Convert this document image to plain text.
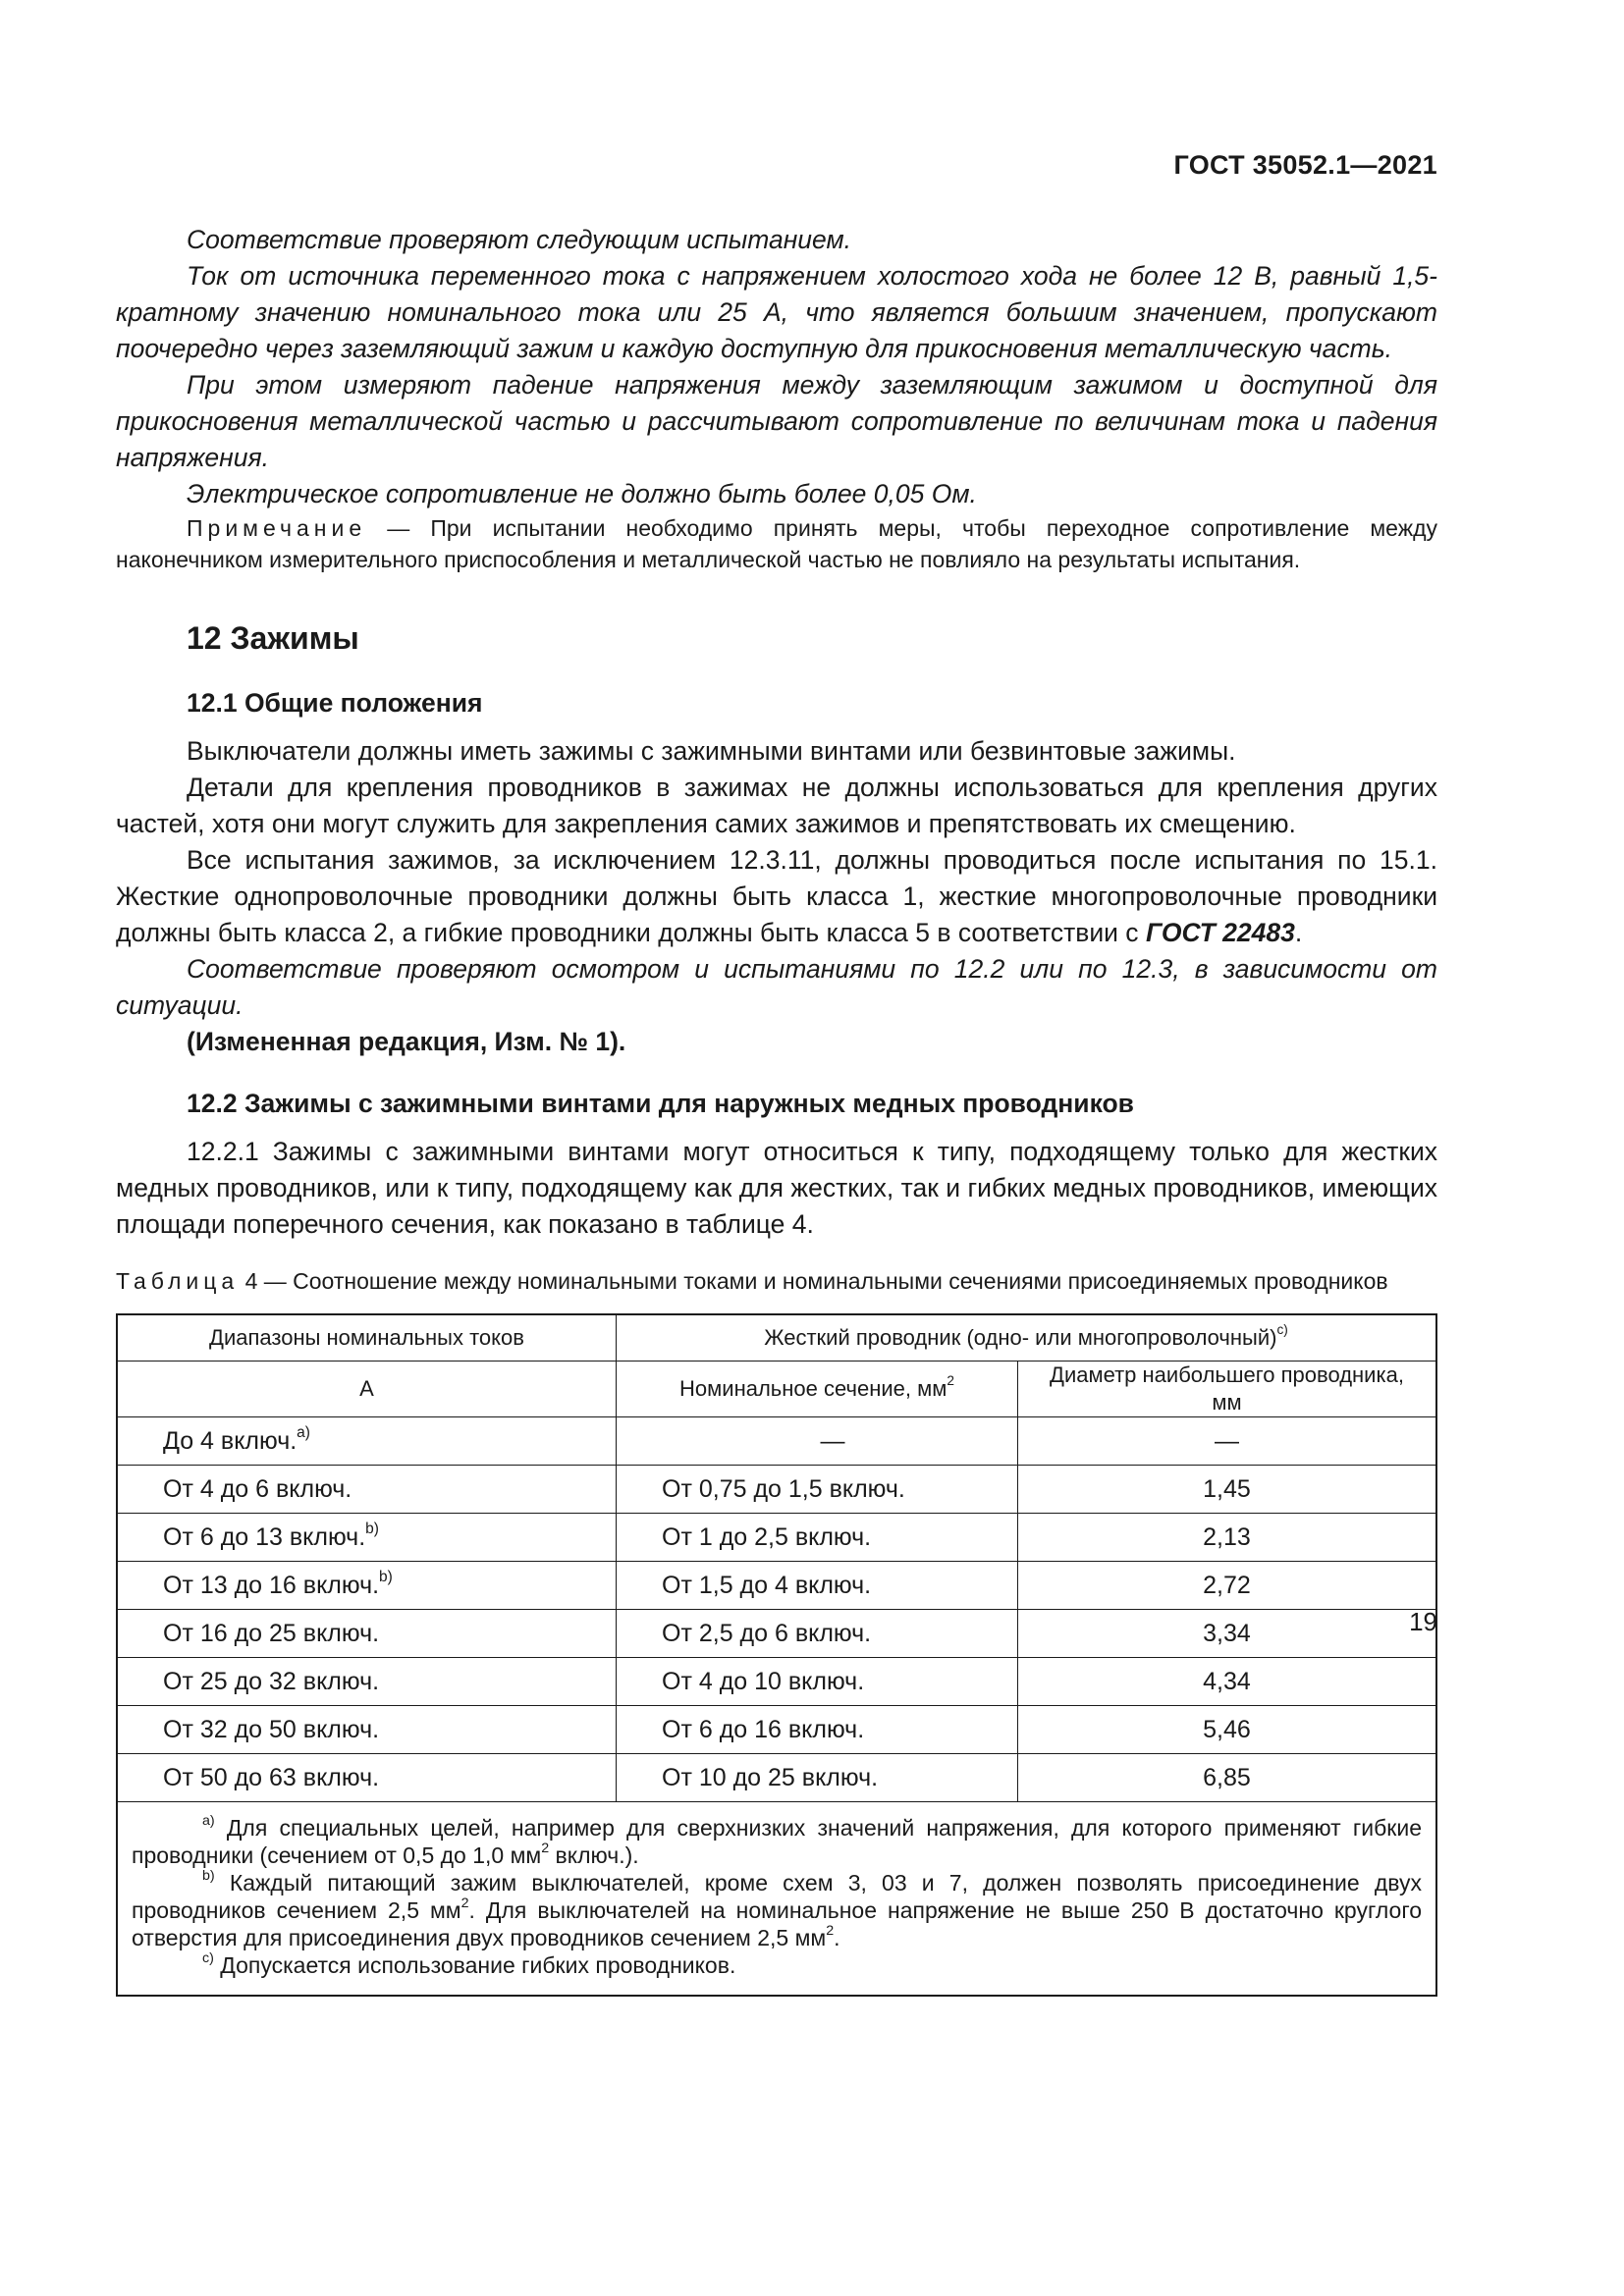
ГОСТ 35052.1—2021

Соответствие проверяют следующим испытанием.

Ток от источника переменного тока с напряжением холостого хода не более 12 В, равный 1,5-кратному значению номинального тока или 25 А, что является большим значением, пропускают поочередно через заземляющий зажим и каждую доступную для прикосновения металлическую часть.

При этом измеряют падение напряжения между заземляющим зажимом и доступной для прикосновения металлической частью и рассчитывают сопротивление по величинам тока и падения напряжения.

Электрическое сопротивление не должно быть более 0,05 Ом.

Примечание — При испытании необходимо принять меры, чтобы переходное сопротивление между наконечником измерительного приспособления и металлической частью не повлияло на результаты испытания.

12 Зажимы
12.1 Общие положения

Выключатели должны иметь зажимы с зажимными винтами или безвинтовые зажимы.

Детали для крепления проводников в зажимах не должны использоваться для крепления других частей, хотя они могут служить для закрепления самих зажимов и препятствовать их смещению.

Все испытания зажимов, за исключением 12.3.11, должны проводиться после испытания по 15.1. Жесткие однопроволочные проводники должны быть класса 1, жесткие многопроволочные проводники должны быть класса 2, а гибкие проводники должны быть класса 5 в соответствии с ГОСТ 22483.

Соответствие проверяют осмотром и испытаниями по 12.2 или по 12.3, в зависимости от ситуации.

(Измененная редакция, Изм. № 1).

12.2 Зажимы с зажимными винтами для наружных медных проводников

12.2.1 Зажимы с зажимными винтами могут относиться к типу, подходящему только для жестких медных проводников, или к типу, подходящему как для жестких, так и гибких медных проводников, имеющих площади поперечного сечения, как показано в таблице 4.

Таблица 4 — Соотношение между номинальными токами и номинальными сечениями присоединяемых проводников
Диапазоны номинальных токов	Жесткий проводник (одно- или многопроволочный)$^{c)}$
А	Номинальное сечение, $мм^2$	Диаметр наибольшего проводника, мм
До 4 включ.$^{a)}$	—	—
От 4 до 6 включ.	От 0,75 до 1,5 включ.	1,45
От 6 до 13 включ.$^{b)}$	От 1 до 2,5 включ.	2,13
От 13 до 16 включ.$^{b)}$	От 1,5 до 4 включ.	2,72
От 16 до 25 включ.	От 2,5 до 6 включ.	3,34
От 25 до 32 включ.	От 4 до 10 включ.	4,34
От 32 до 50 включ.	От 6 до 16 включ.	5,46
От 50 до 63 включ.	От 10 до 25 включ.	6,85

$^{a)}$ Для специальных целей, например для сверхнизких значений напряжения, для которого применяют гибкие проводники (сечением от 0,5 до 1,0 $мм^2$ включ.).

$^{b)}$ Каждый питающий зажим выключателей, кроме схем 3, 03 и 7, должен позволять присоединение двух проводников сечением 2,5 $мм^2$. Для выключателей на номинальное напряжение не выше 250 В достаточно круглого отверстия для присоединения двух проводников сечением 2,5 $мм^2$.

$^{c)}$ Допускается использование гибких проводников.		

19
